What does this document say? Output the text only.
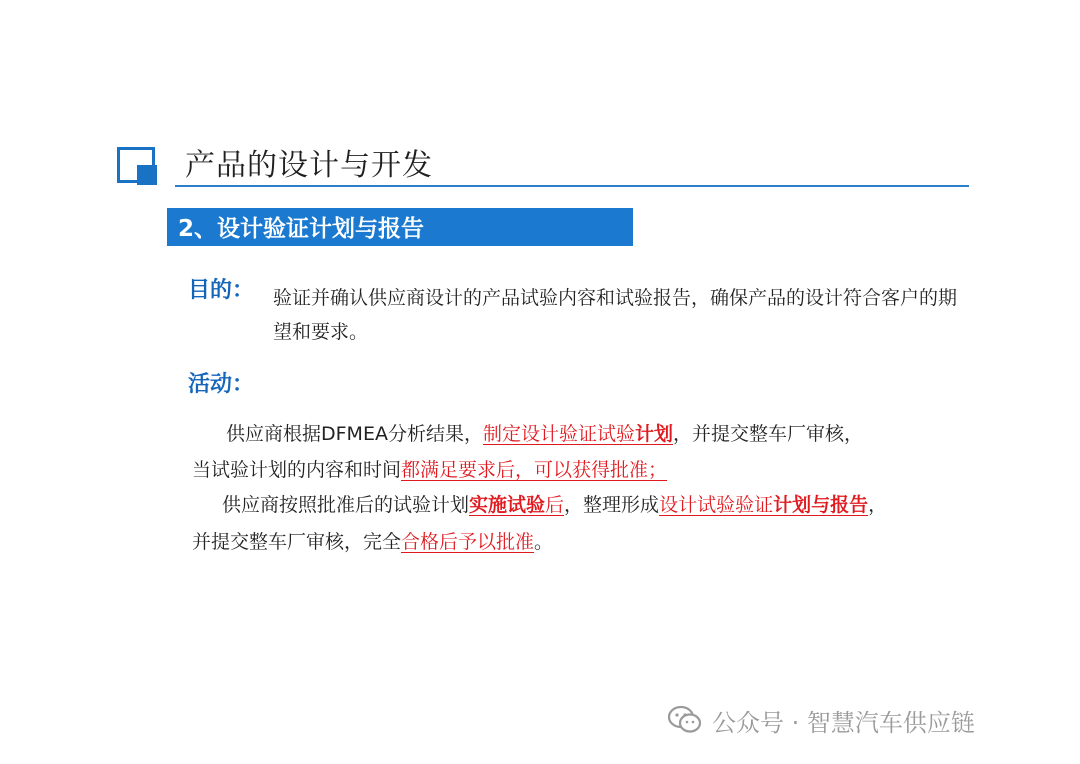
产品的设计与开发
2、设计验证计划与报告
目的： 验证并确认供应商设计的产品试验内容和试验报告，确保产品的设计符合客户的期望和要求。
活动：
供应商根据DFMEA分析结果，制定设计验证试验计划，并提交整车厂审核，
当试验计划的内容和时间都满足要求后，可以获得批准；
供应商按照批准后的试验计划实施试验后，整理形成设计试验验证计划与报告，
并提交整车厂审核，完全合格后予以批准。
公众号 · 智慧汽车供应链
